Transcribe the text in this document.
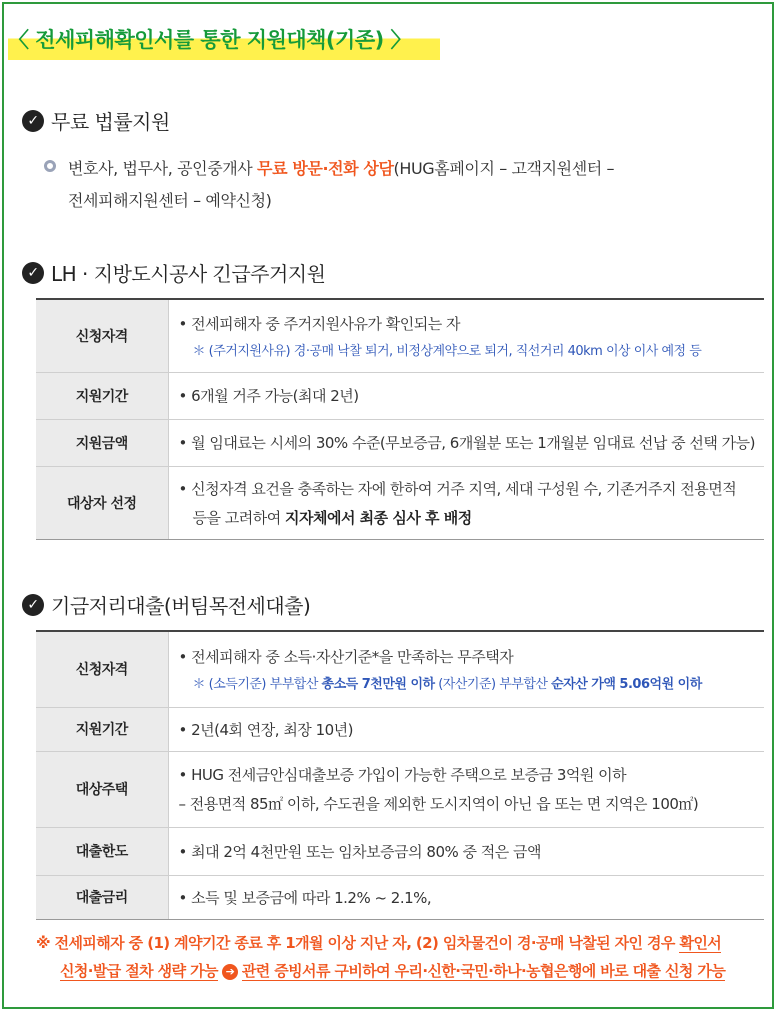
〈 전세피해확인서를 통한 지원대책(기존) 〉
✓ 무료 법률지원
변호사, 법무사, 공인중개사 무료 방문·전화 상담(HUG홈페이지 – 고객지원센터 –
전세피해지원센터 – 예약신청)
✓ LH · 지방도시공사 긴급주거지원
신청자격	• 전세피해자 중 주거지원사유가 확인되는 자
＊ (주거지원사유) 경·공매 낙찰 퇴거, 비정상계약으로 퇴거, 직선거리 40km 이상 이사 예정 등

지원기간	• 6개월 거주 가능(최대 2년)
지원금액	• 월 임대료는 시세의 30% 수준(무보증금, 6개월분 또는 1개월분 임대료 선납 중 선택 가능)
대상자 선정	• 신청자격 요건을 충족하는 자에 한하여 거주 지역, 세대 구성원 수, 기존거주지 전용면적
등을 고려하여 지자체에서 최종 심사 후 배정
✓ 기금저리대출(버팀목전세대출)
신청자격	• 전세피해자 중 소득·자산기준*을 만족하는 무주택자
＊ (소득기준) 부부합산 총소득 7천만원 이하 (자산기준) 부부합산 순자산 가액 5.06억원 이하

지원기간	• 2년(4회 연장, 최장 10년)
대상주택	• HUG 전세금안심대출보증 가입이 가능한 주택으로 보증금 3억원 이하
– 전용면적 85㎡ 이하, 수도권을 제외한 도시지역이 아닌 읍 또는 면 지역은 100㎡)

대출한도	• 최대 2억 4천만원 또는 임차보증금의 80% 중 적은 금액
대출금리	• 소득 및 보증금에 따라 1.2% ~ 2.1%,
※ 전세피해자 중 (1) 계약기간 종료 후 1개월 이상 지난 자, (2) 임차물건이 경·공매 낙찰된 자인 경우 확인서
신청·발급 절차 생략 가능 ➔ 관련 증빙서류 구비하여 우리·신한·국민·하나·농협은행에 바로 대출 신청 가능
